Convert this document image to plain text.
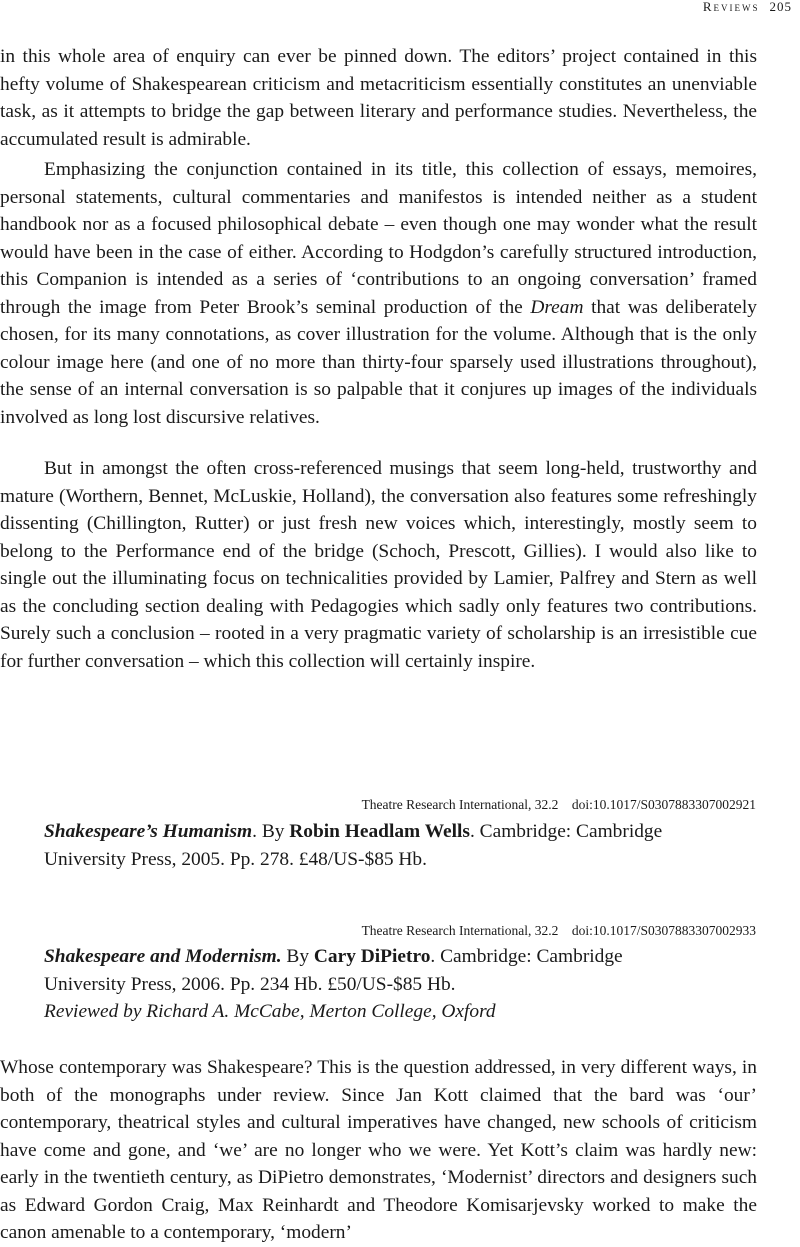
Reviews 205

in this whole area of enquiry can ever be pinned down. The editors’ project contained in this hefty volume of Shakespearean criticism and metacriticism essentially constitutes an unenviable task, as it attempts to bridge the gap between literary and performance studies. Nevertheless, the accumulated result is admirable.

Emphasizing the conjunction contained in its title, this collection of essays, memoires, personal statements, cultural commentaries and manifestos is intended neither as a student handbook nor as a focused philosophical debate – even though one may wonder what the result would have been in the case of either. According to Hodgdon’s carefully structured introduction, this Companion is intended as a series of ‘contributions to an ongoing conversation’ framed through the image from Peter Brook’s seminal production of the Dream that was deliberately chosen, for its many connotations, as cover illustration for the volume. Although that is the only colour image here (and one of no more than thirty-four sparsely used illustrations throughout), the sense of an internal conversation is so palpable that it conjures up images of the individuals involved as long lost discursive relatives.

But in amongst the often cross-referenced musings that seem long-held, trustworthy and mature (Worthern, Bennet, McLuskie, Holland), the conversation also features some refreshingly dissenting (Chillington, Rutter) or just fresh new voices which, interestingly, mostly seem to belong to the Performance end of the bridge (Schoch, Prescott, Gillies). I would also like to single out the illuminating focus on technicalities provided by Lamier, Palfrey and Stern as well as the concluding section dealing with Pedagogies which sadly only features two contributions. Surely such a conclusion – rooted in a very pragmatic variety of scholarship is an irresistible cue for further conversation – which this collection will certainly inspire.

Theatre Research International, 32.2 doi:10.1017/S0307883307002921

Shakespeare’s Humanism. By Robin Headlam Wells. Cambridge: Cambridge
University Press, 2005. Pp. 278. £48/US-$85 Hb.

Theatre Research International, 32.2 doi:10.1017/S0307883307002933

Shakespeare and Modernism. By Cary DiPietro. Cambridge: Cambridge
University Press, 2006. Pp. 234 Hb. £50/US-$85 Hb.
Reviewed by Richard A. McCabe, Merton College, Oxford

Whose contemporary was Shakespeare? This is the question addressed, in very different ways, in both of the monographs under review. Since Jan Kott claimed that the bard was ‘our’ contemporary, theatrical styles and cultural imperatives have changed, new schools of criticism have come and gone, and ‘we’ are no longer who we were. Yet Kott’s claim was hardly new: early in the twentieth century, as DiPietro demonstrates, ‘Modernist’ directors and designers such as Edward Gordon Craig, Max Reinhardt and Theodore Komisarjevsky worked to make the canon amenable to a contemporary, ‘modern’
